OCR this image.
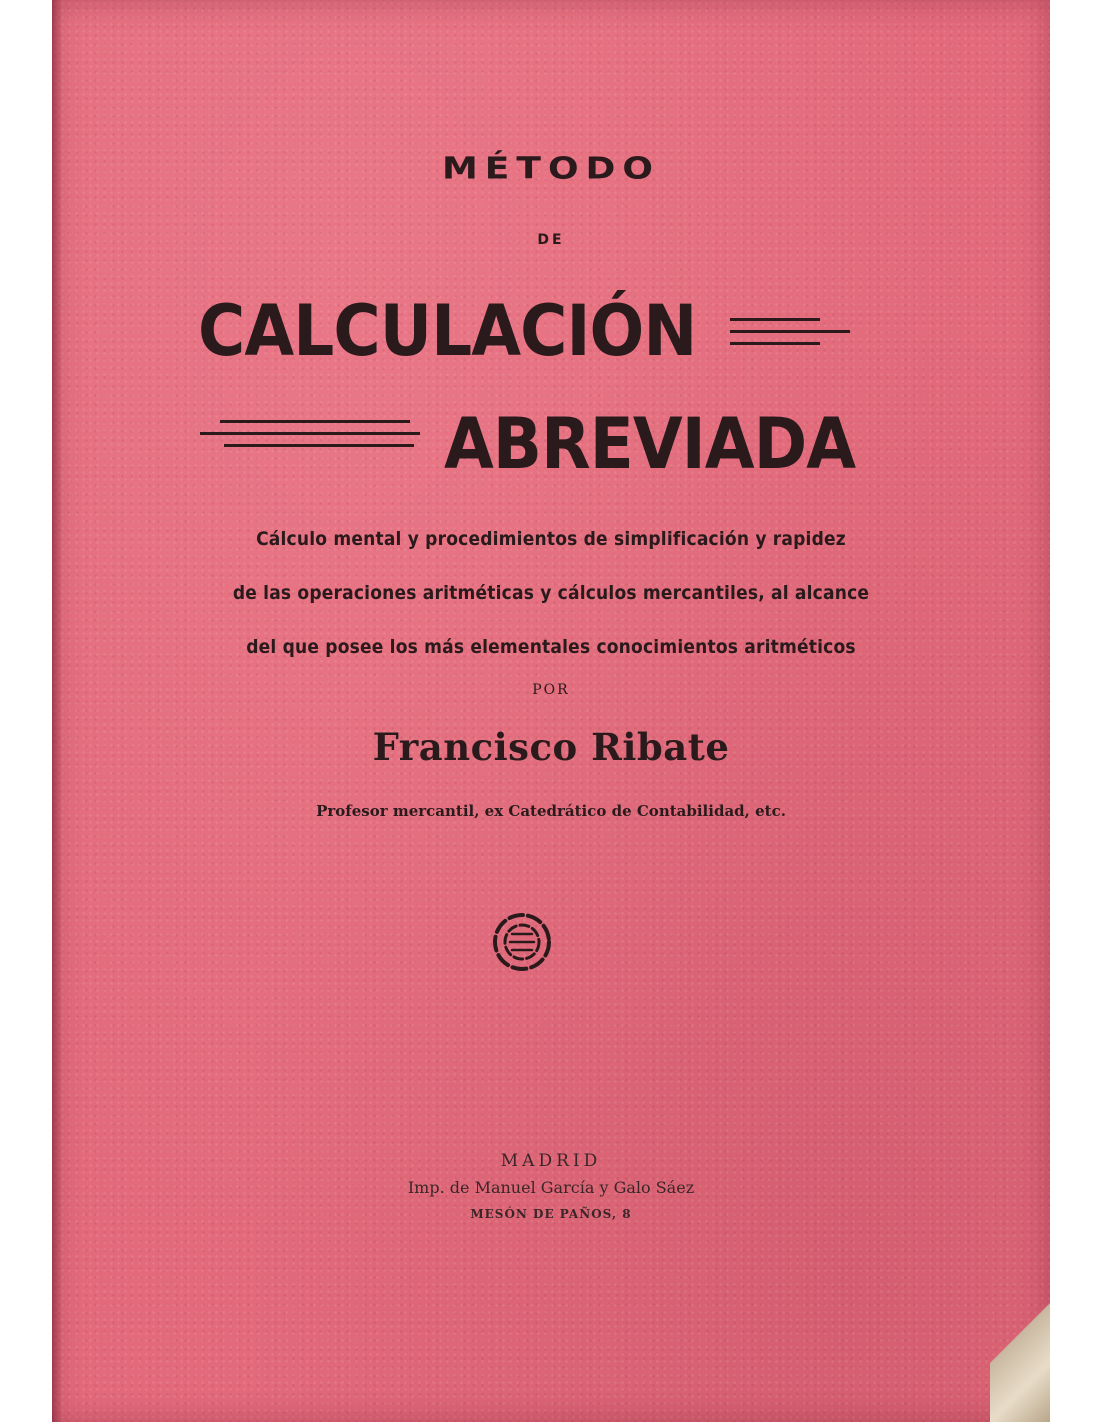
MÉTODO
DE
CALCULACIÓN
ABREVIADA
Cálculo mental y procedimientos de simplificación y rapidez
de las operaciones aritméticas y cálculos mercantiles, al alcance
del que posee los más elementales conocimientos aritméticos
POR
Francisco Ribate
Profesor mercantil, ex Catedrático de Contabilidad, etc.
MADRID
Imp. de Manuel García y Galo Sáez
MESÓN DE PAÑOS, 8
